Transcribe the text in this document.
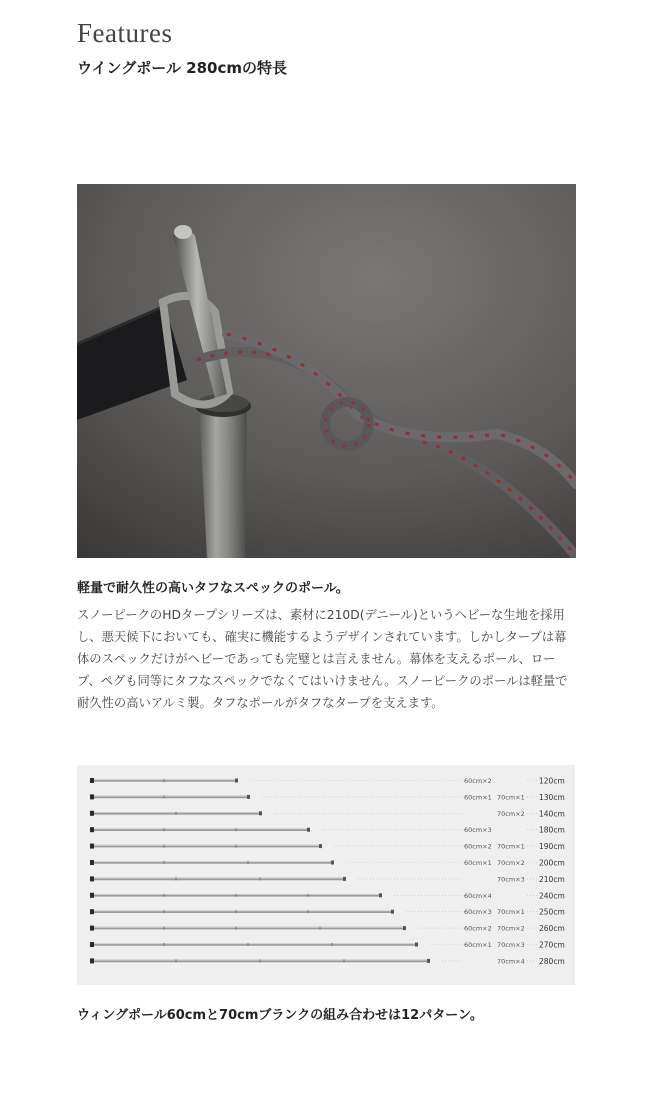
Features
ウイングポール 280cmの特長
軽量で耐久性の高いタフなスペックのポール。

スノーピークのHDタープシリーズは、素材に210D(デニール)というヘビーな生地を採用し、悪天候下においても、確実に機能するようデザインされています。しかしタープは幕体のスペックだけがヘビーであっても完璧とは言えません。幕体を支えるポール、ロープ、ペグも同等にタフなスペックでなくてはいけません。スノーピークのポールは軽量で耐久性の高いアルミ製。タフなポールがタフなタープを支えます。

60cm×2	120cm
60cm×1 70cm×1 130cm
70cm×2 140cm
60cm×3	180cm
60cm×2 70cm×1 190cm
60cm×1 70cm×2 200cm
70cm×3 210cm
60cm×4	240cm
60cm×3 70cm×1 250cm
60cm×2 70cm×2 260cm
60cm×1 70cm×3 270cm
70cm×4 280cm

ウィングポール60cmと70cmブランクの組み合わせは12パターン。
